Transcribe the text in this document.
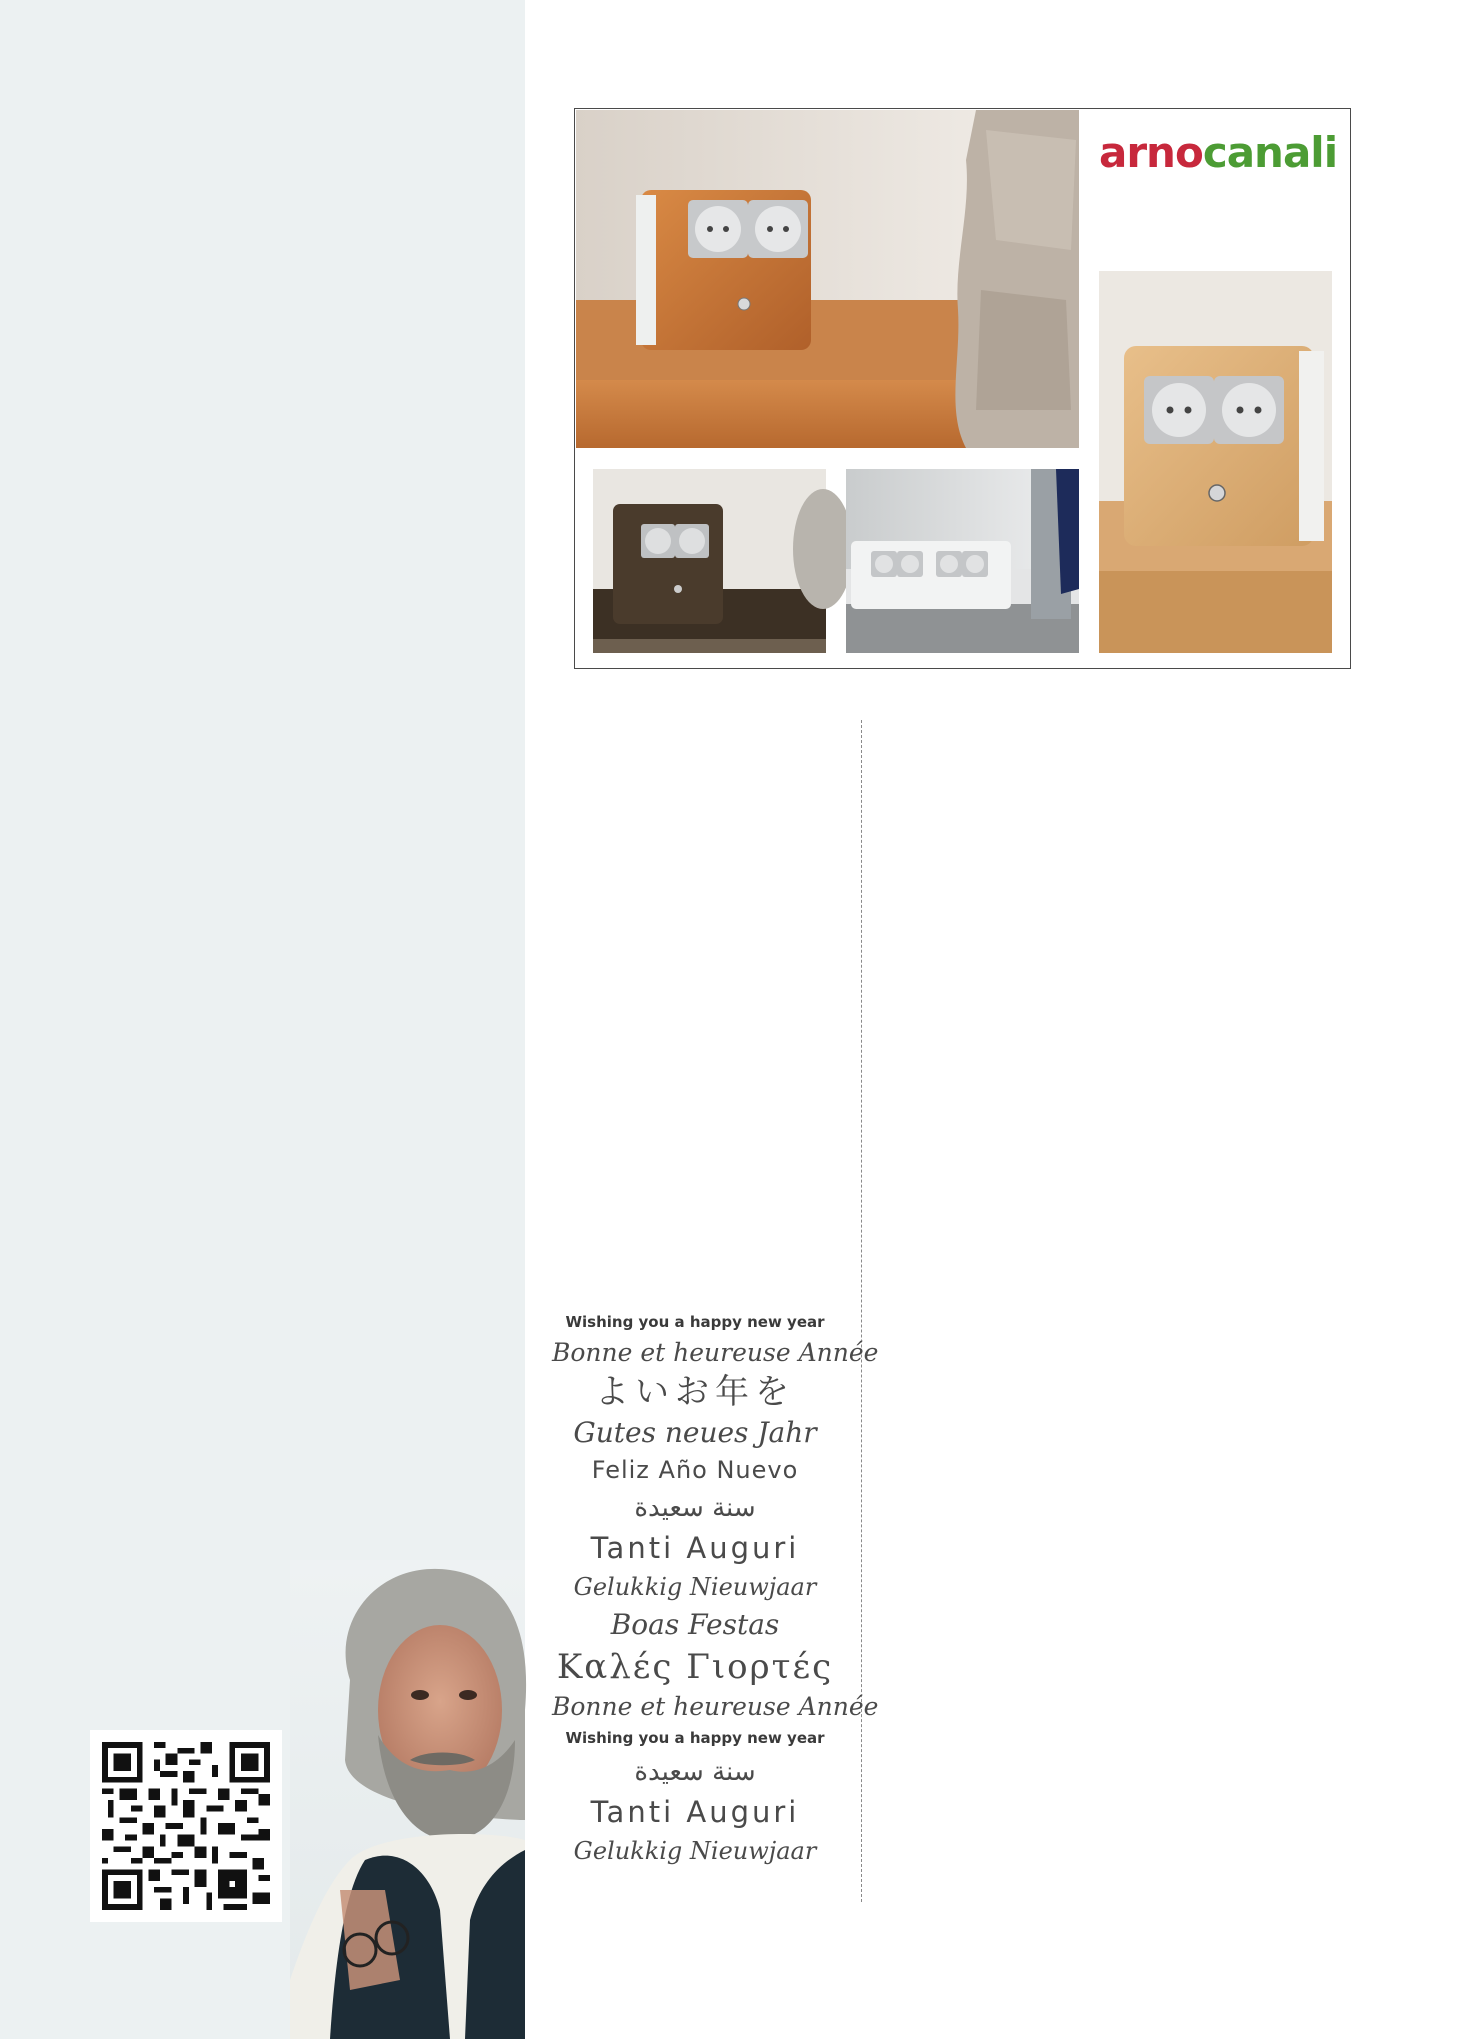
arnocanali
Wishing you a happy new year
Bonne et heureuse Année
よいお年を
Gutes neues Jahr
Feliz Año Nuevo
سنة سعيدة
Tanti Auguri
Gelukkig Nieuwjaar
Boas Festas
Καλές Γιορτές
Bonne et heureuse Année
Wishing you a happy new year
سنة سعيدة
Tanti Auguri
Gelukkig Nieuwjaar
